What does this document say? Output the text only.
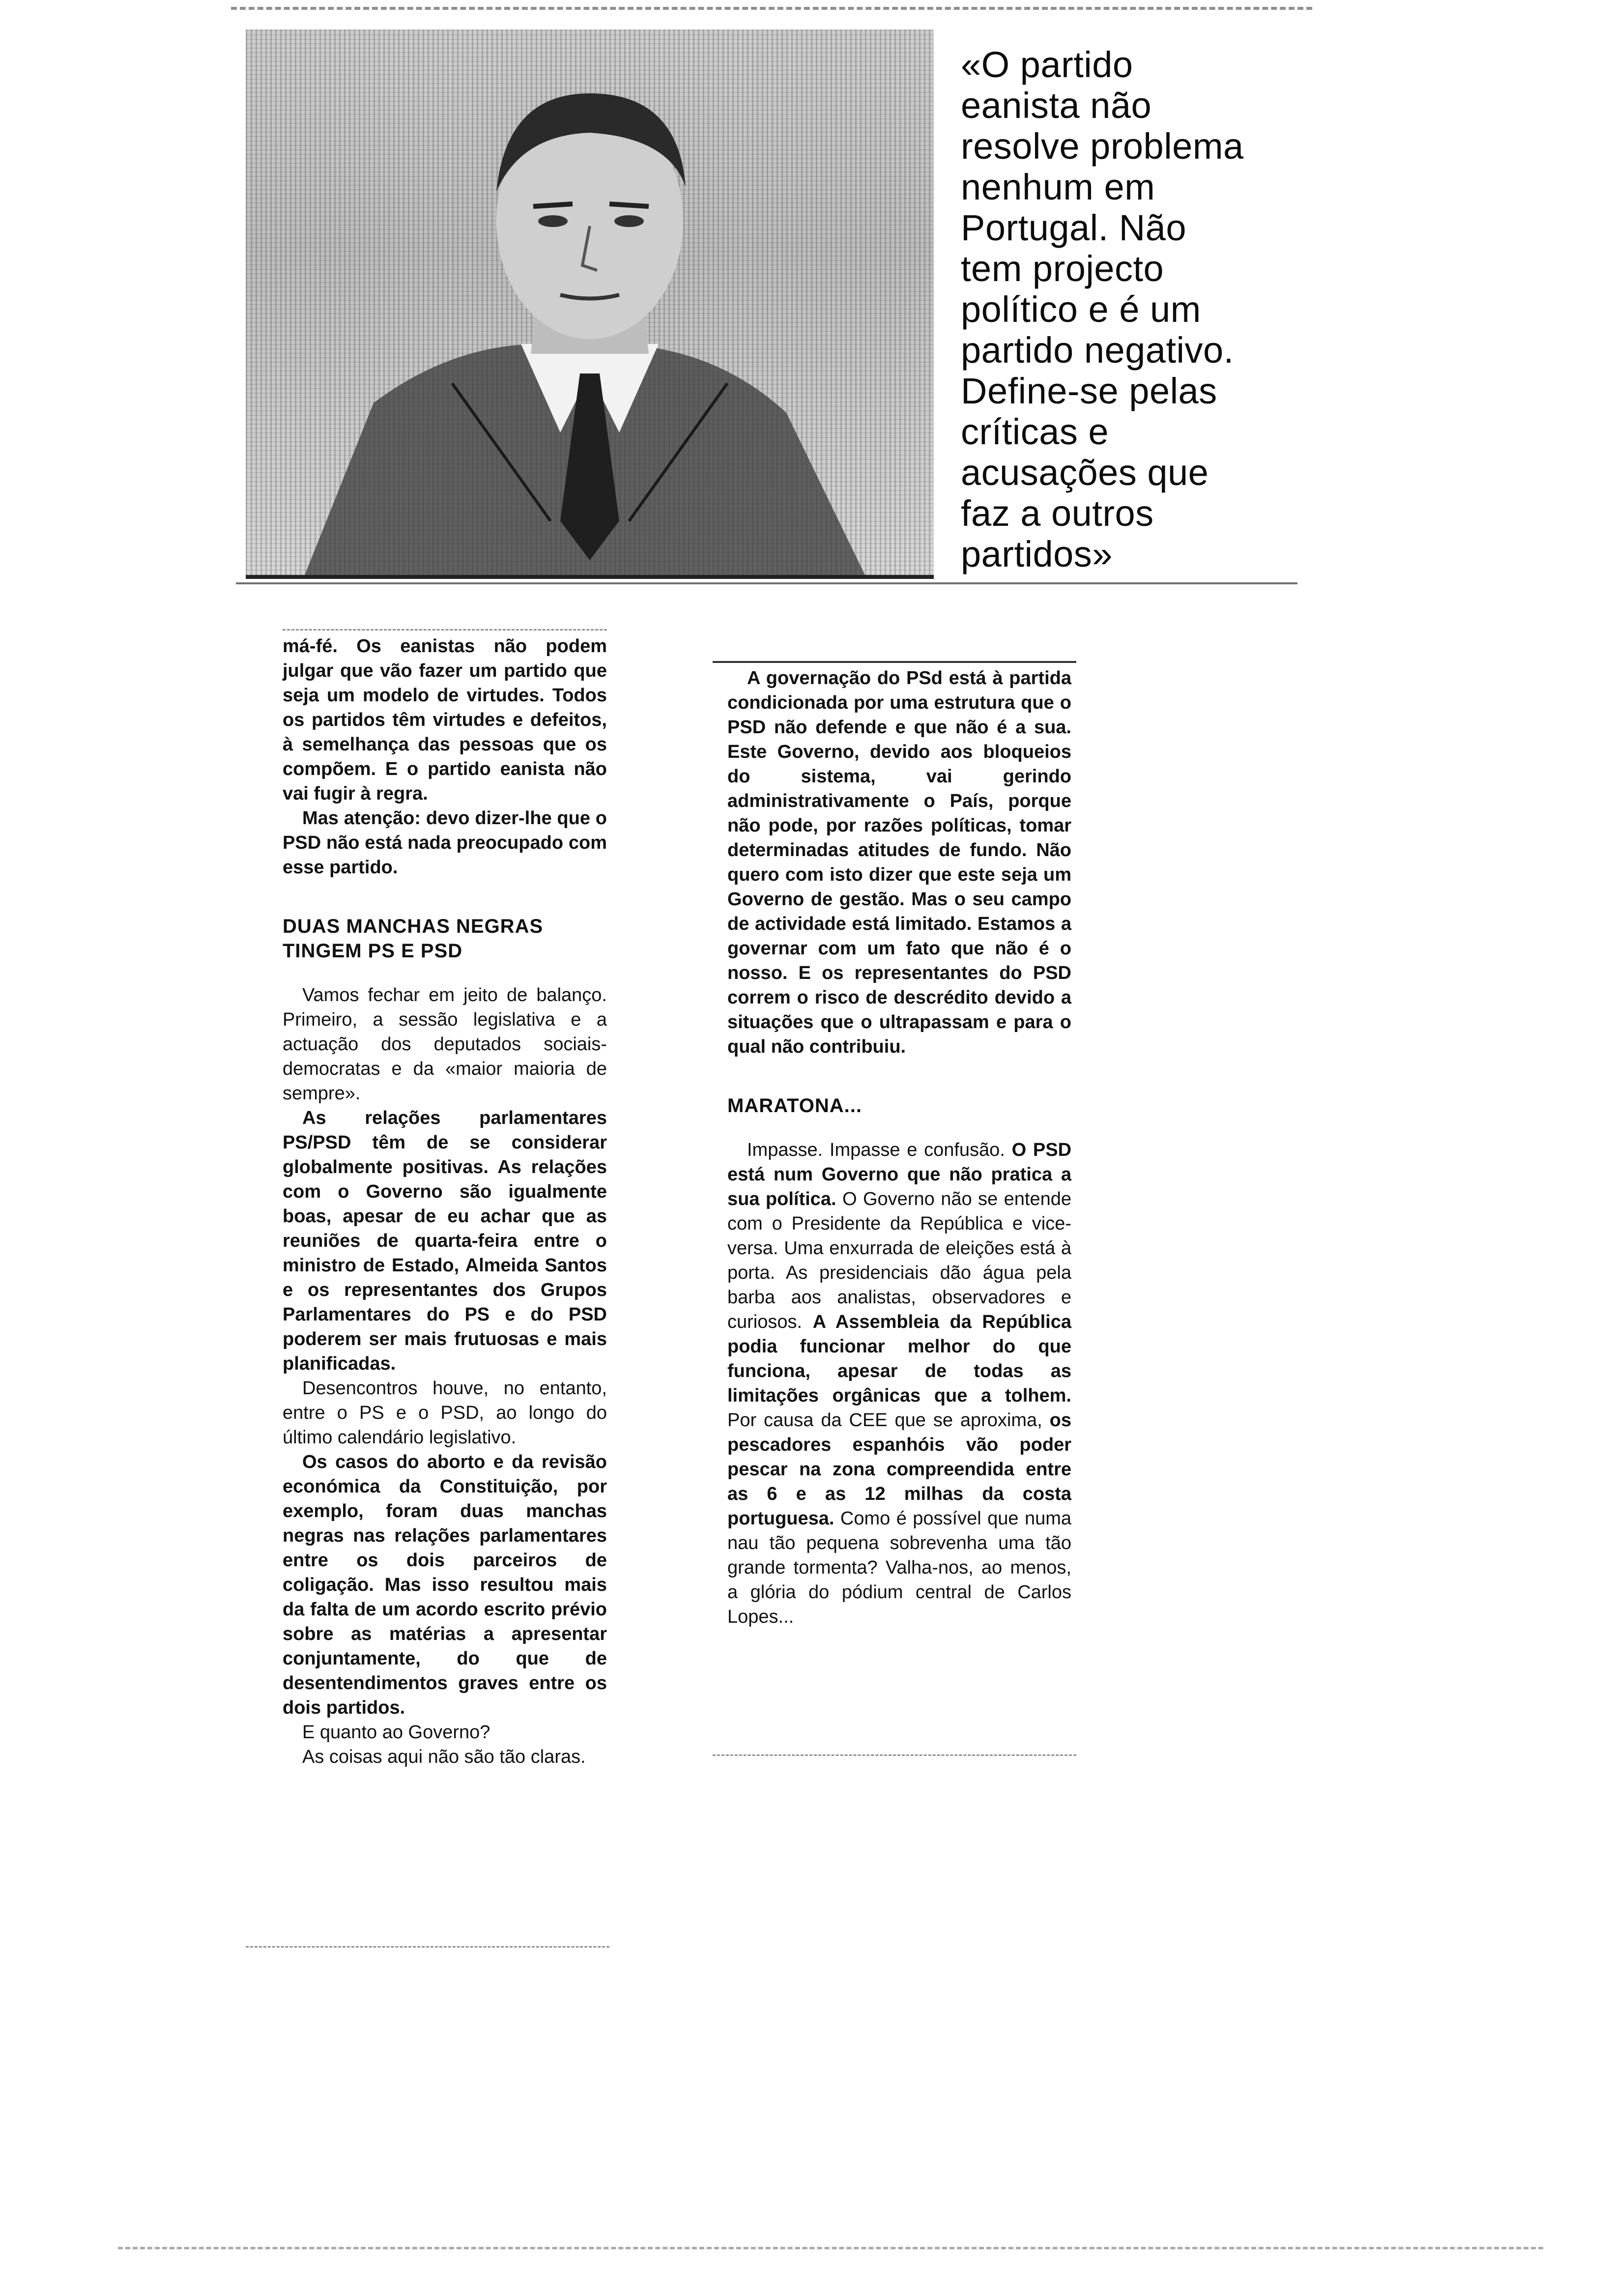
«O partido
eanista não
resolve problema
nenhum em
Portugal. Não
tem projecto
político e é um
partido negativo.
Define-se pelas
críticas e
acusações que
faz a outros
partidos»

má-fé. Os eanistas não podem julgar que vão fazer um partido que seja um modelo de virtudes. Todos os partidos têm virtudes e defeitos, à semelhança das pessoas que os compõem. E o partido eanista não vai fugir à regra.

Mas atenção: devo dizer-lhe que o PSD não está nada preocupado com esse partido.

DUAS MANCHAS NEGRAS TINGEM PS E PSD

Vamos fechar em jeito de balanço. Primeiro, a sessão legislativa e a actuação dos deputados sociais-democratas e da «maior maioria de sempre».

As relações parlamentares PS/PSD têm de se considerar globalmente positivas. As relações com o Governo são igualmente boas, apesar de eu achar que as reuniões de quarta-feira entre o ministro de Estado, Almeida Santos e os representantes dos Grupos Parlamentares do PS e do PSD poderem ser mais frutuosas e mais planificadas.

Desencontros houve, no entanto, entre o PS e o PSD, ao longo do último calendário legislativo.

Os casos do aborto e da revisão económica da Constituição, por exemplo, foram duas manchas negras nas relações parlamentares entre os dois parceiros de coligação. Mas isso resultou mais da falta de um acordo escrito prévio sobre as matérias a apresentar conjuntamente, do que de desentendimentos graves entre os dois partidos.

E quanto ao Governo?

As coisas aqui não são tão claras.

A governação do PSd está à partida condicionada por uma estrutura que o PSD não defende e que não é a sua. Este Governo, devido aos bloqueios do sistema, vai gerindo administrativamente o País, porque não pode, por razões políticas, tomar determinadas atitudes de fundo. Não quero com isto dizer que este seja um Governo de gestão. Mas o seu campo de actividade está limitado. Estamos a governar com um fato que não é o nosso. E os representantes do PSD correm o risco de descrédito devido a situações que o ultrapassam e para o qual não contribuiu.

MARATONA...

Impasse. Impasse e confusão. O PSD está num Governo que não pratica a sua política. O Governo não se entende com o Presidente da República e vice-versa. Uma enxurrada de eleições está à porta. As presidenciais dão água pela barba aos analistas, observadores e curiosos. A Assembleia da República podia funcionar melhor do que funciona, apesar de todas as limitações orgânicas que a tolhem. Por causa da CEE que se aproxima, os pescadores espanhóis vão poder pescar na zona compreendida entre as 6 e as 12 milhas da costa portuguesa. Como é possível que numa nau tão pequena sobrevenha uma tão grande tormenta? Valha-nos, ao menos, a glória do pódium central de Carlos Lopes...
